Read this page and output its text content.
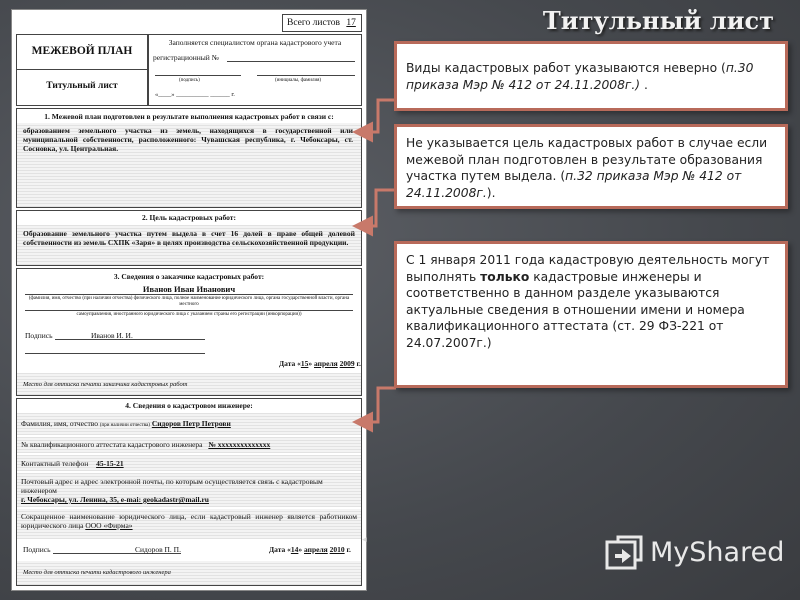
Титульный лист
Всего листов 17
МЕЖЕВОЙ ПЛАН
Титульный лист
Заполняется специалистом органа кадастрового учета
регистрационный №
(подпись)	(инициалы, фамилия)
«____» __________ ______ г.
1. Межевой план подготовлен в результате выполнения кадастровых работ в связи с:
образованием земельного участка из земель, находящихся в государственной или муниципальной собственности, расположенного: Чувашская республика, г. Чебоксары, ст. Сосновка, ул. Центральная.
2. Цель кадастровых работ:
Образование земельного участка путем выдела в счет 16 долей в праве общей долевой собственности из земель СХПК «Заря» в целях производства сельскохозяйственной продукции.
3. Сведения о заказчике кадастровых работ:
Иванов Иван Иванович
(фамилия, имя, отчество (при наличии отчества) физического лица, полное наименование юридического лица, органа государственной власти, органа местного
самоуправления, иностранного юридического лица с указанием страны его регистрации (инкорпорации))
Подпись	Иванов И. И.
Дата «15» апреля 2009 г.
Место для оттиска печати заказчика кадастровых работ
4. Сведения о кадастровом инженере:
Фамилия, имя, отчество (при наличии отчества) Сидоров Петр Петрови
№ квалификационного аттестата кадастрового инженера № хххххххххххххх
Контактный телефон 45-15-21
Почтовый адрес и адрес электронной почты, по которым осуществляется связь с кадастровым инженером
г. Чебоксары, ул. Ленина, 35, e-mai: geokadastr@mail.ru
Сокращенное наименование юридического лица, если кадастровый инженер является работником юридического лица ООО «Фирма»
Подпись	Сидоров П. П.	Дата «14» апреля 2010 г.
Место для оттиска печати кадастрового инженера
◂
Виды кадастровых работ указываются неверно (п.30 приказа Мэр № 412 от 24.11.2008г.) .
Не указывается цель кадастровых работ в случае если межевой план подготовлен в результате образования участка путем выдела. (п.32 приказа Мэр № 412 от 24.11.2008г.).
С 1 января 2011 года кадастровую деятельность могут выполнять только кадастровые инженеры и соответственно в данном разделе указываются актуальные сведения в отношении имени и номера квалификационного аттестата (ст. 29 ФЗ-221 от 24.07.2007г.)
MyShared
